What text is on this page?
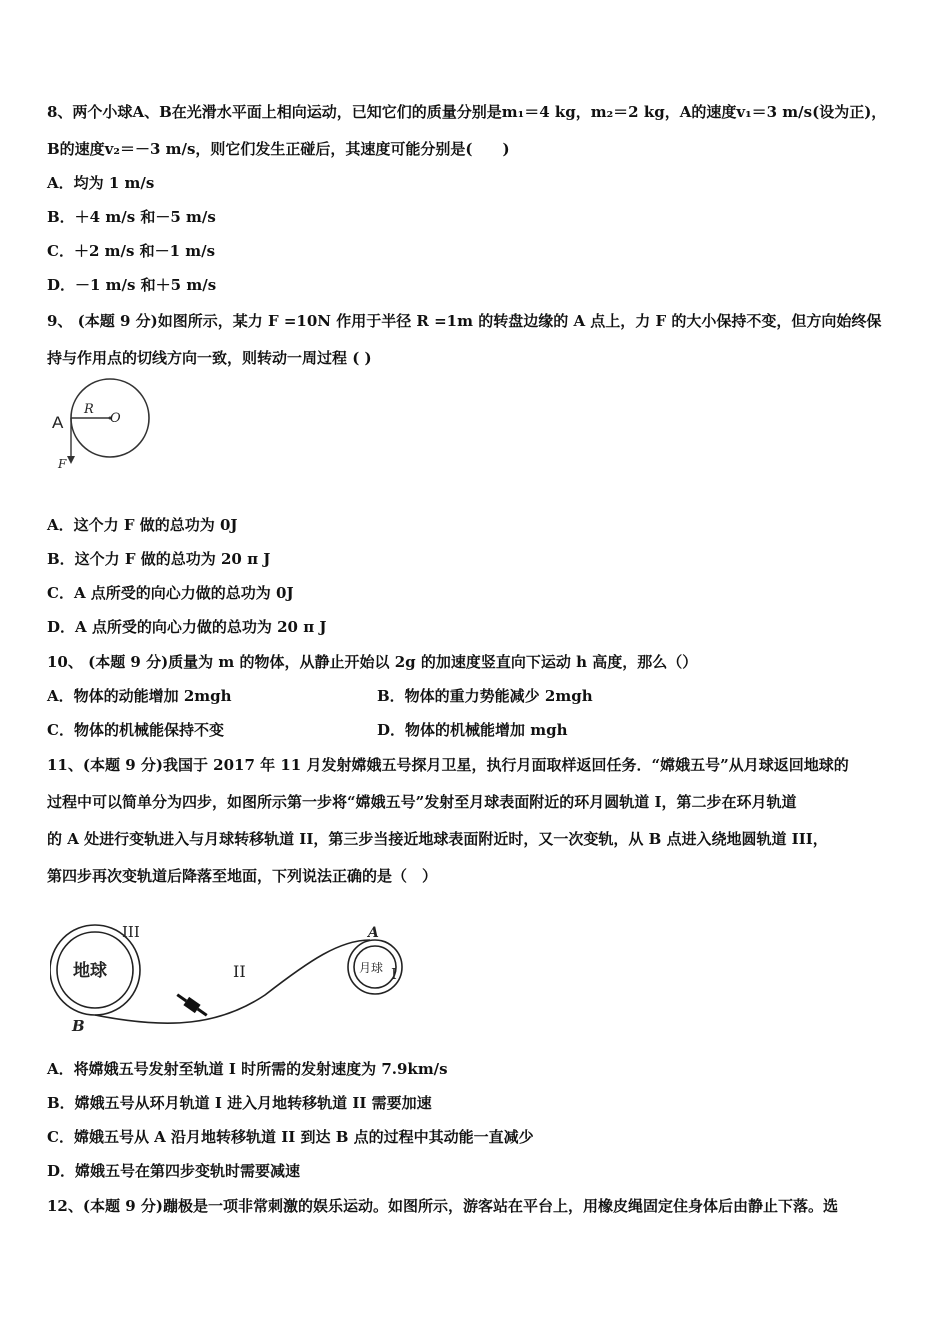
8、两个小球A、B在光滑水平面上相向运动，已知它们的质量分别是m₁＝4 kg，m₂＝2 kg，A的速度v₁＝3 m/s(设为正)，
B的速度v₂＝－3 m/s，则它们发生正碰后，其速度可能分别是(　　)
A．均为 1 m/s
B．＋4 m/s 和－5 m/s
C．＋2 m/s 和－1 m/s
D．－1 m/s 和＋5 m/s
9、 (本题 9 分)如图所示，某力 F =10N 作用于半径 R =1m 的转盘边缘的 A 点上，力 F 的大小保持不变，但方向始终保
持与作用点的切线方向一致，则转动一周过程 ( )
A
R
O
F
A．这个力 F 做的总功为 0J
B．这个力 F 做的总功为 20 π J
C．A 点所受的向心力做的总功为 0J
D．A 点所受的向心力做的总功为 20 π J
10、 (本题 9 分)质量为 m 的物体，从静止开始以 2g 的加速度竖直向下运动 h 高度，那么（）
A．物体的动能增加 2mgh	B．物体的重力势能减少 2mgh
C．物体的机械能保持不变	D．物体的机械能增加 mgh
11、(本题 9 分)我国于 2017 年 11 月发射嫦娥五号探月卫星，执行月面取样返回任务．“嫦娥五号”从月球返回地球的
过程中可以简单分为四步，如图所示第一步将“嫦娥五号”发射至月球表面附近的环月圆轨道 I，第二步在环月轨道
的 A 处进行变轨进入与月球转移轨道 II，第三步当接近地球表面附近时，又一次变轨，从 B 点进入绕地圆轨道 III，
第四步再次变轨道后降落至地面，下列说法正确的是（　）
地球
III
B
月球
A
I
II
A．将嫦娥五号发射至轨道 I 时所需的发射速度为 7.9km/s
B．嫦娥五号从环月轨道 I 进入月地转移轨道 II 需要加速
C．嫦娥五号从 A 沿月地转移轨道 II 到达 B 点的过程中其动能一直减少
D．嫦娥五号在第四步变轨时需要减速
12、(本题 9 分)蹦极是一项非常刺激的娱乐运动。如图所示，游客站在平台上，用橡皮绳固定住身体后由静止下落。选
